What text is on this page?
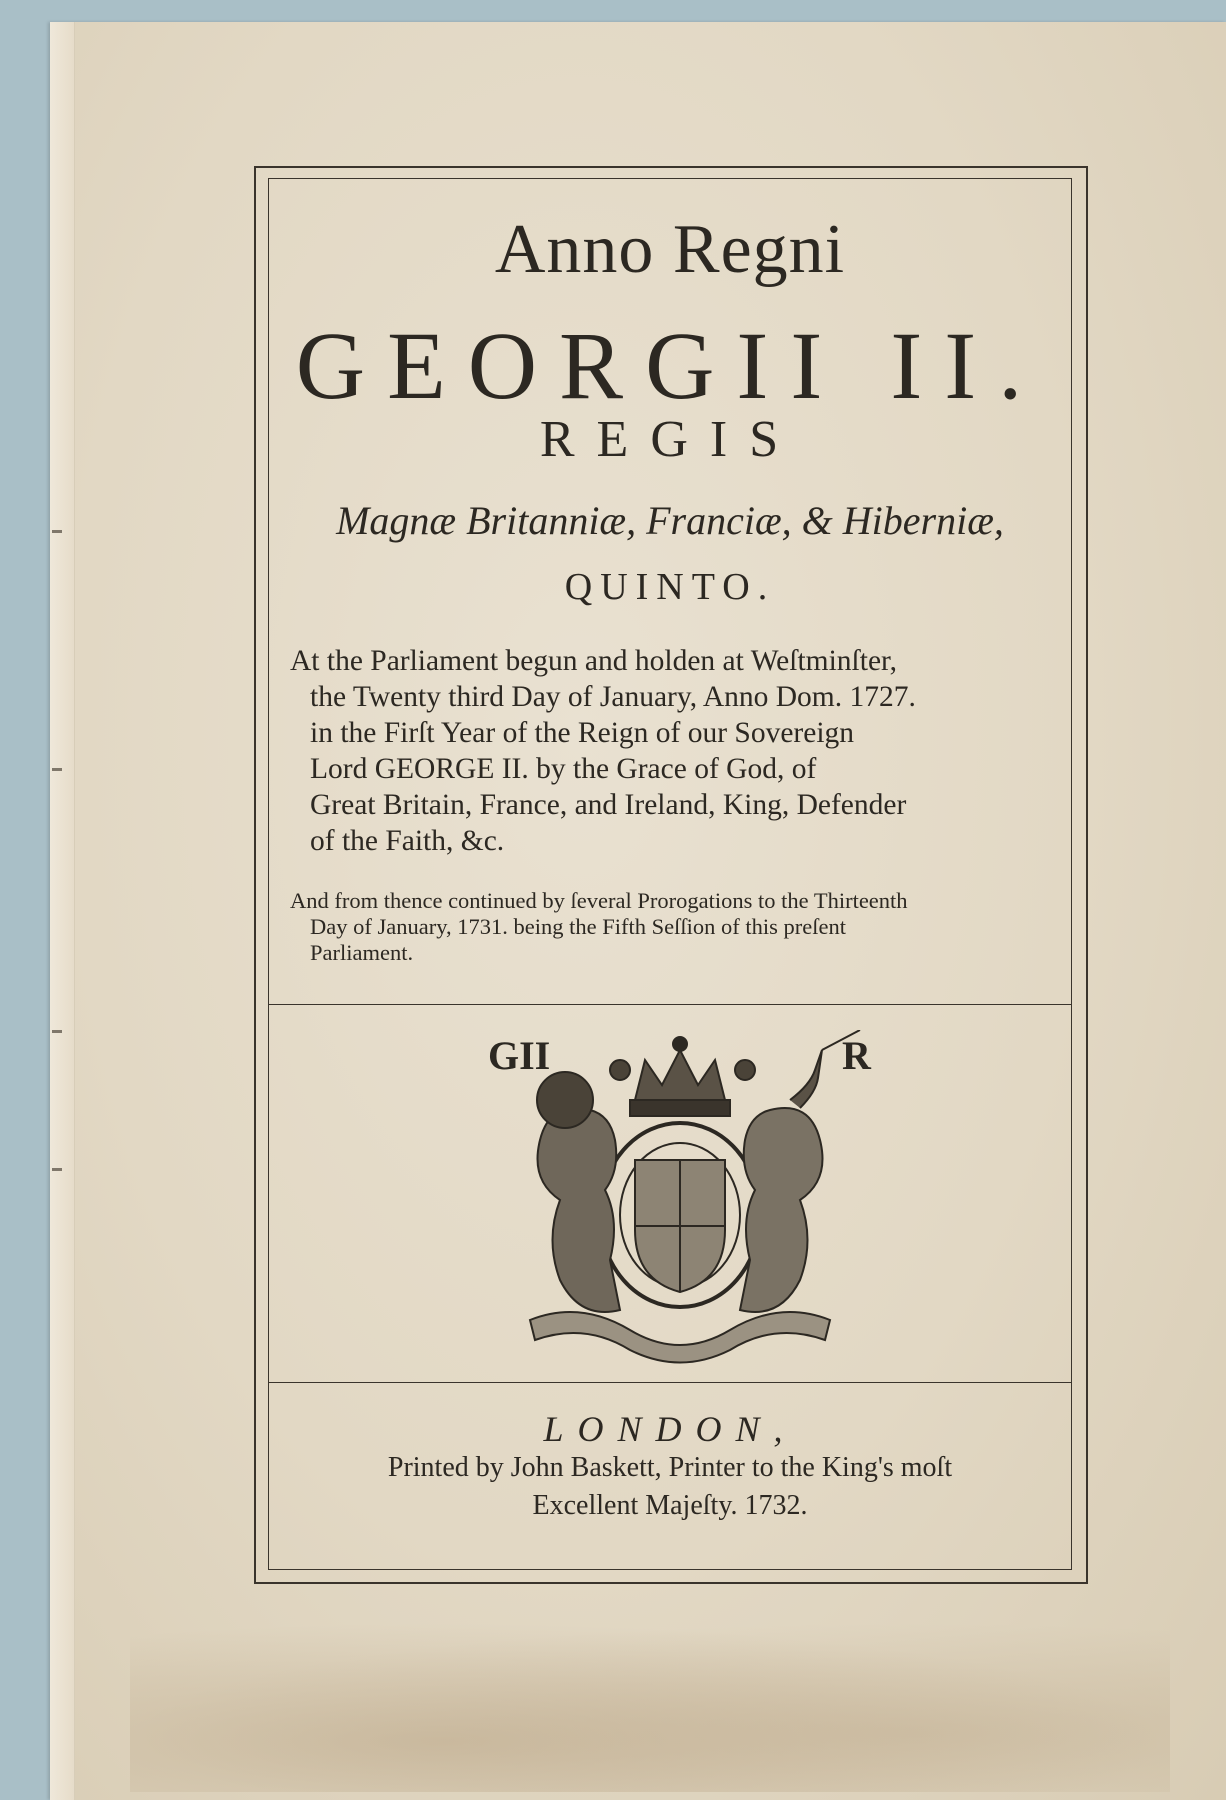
Anno Regni
GEORGII II.
REGIS
Magnæ Britanniæ, Franciæ, & Hiberniæ,
QUINTO.
At the Parliament begun and holden at Weſtminſter,
the Twenty third Day of January, Anno Dom. 1727.
in the Firſt Year of the Reign of our Sovereign
Lord GEORGE II. by the Grace of God, of
Great Britain, France, and Ireland, King, Defender
of the Faith, &c.
And from thence continued by ſeveral Prorogations to the Thirteenth
Day of January, 1731. being the Fifth Seſſion of this preſent
Parliament.
GII	R
LONDON,
Printed by John Baskett, Printer to the King's moſt
Excellent Majeſty. 1732.
